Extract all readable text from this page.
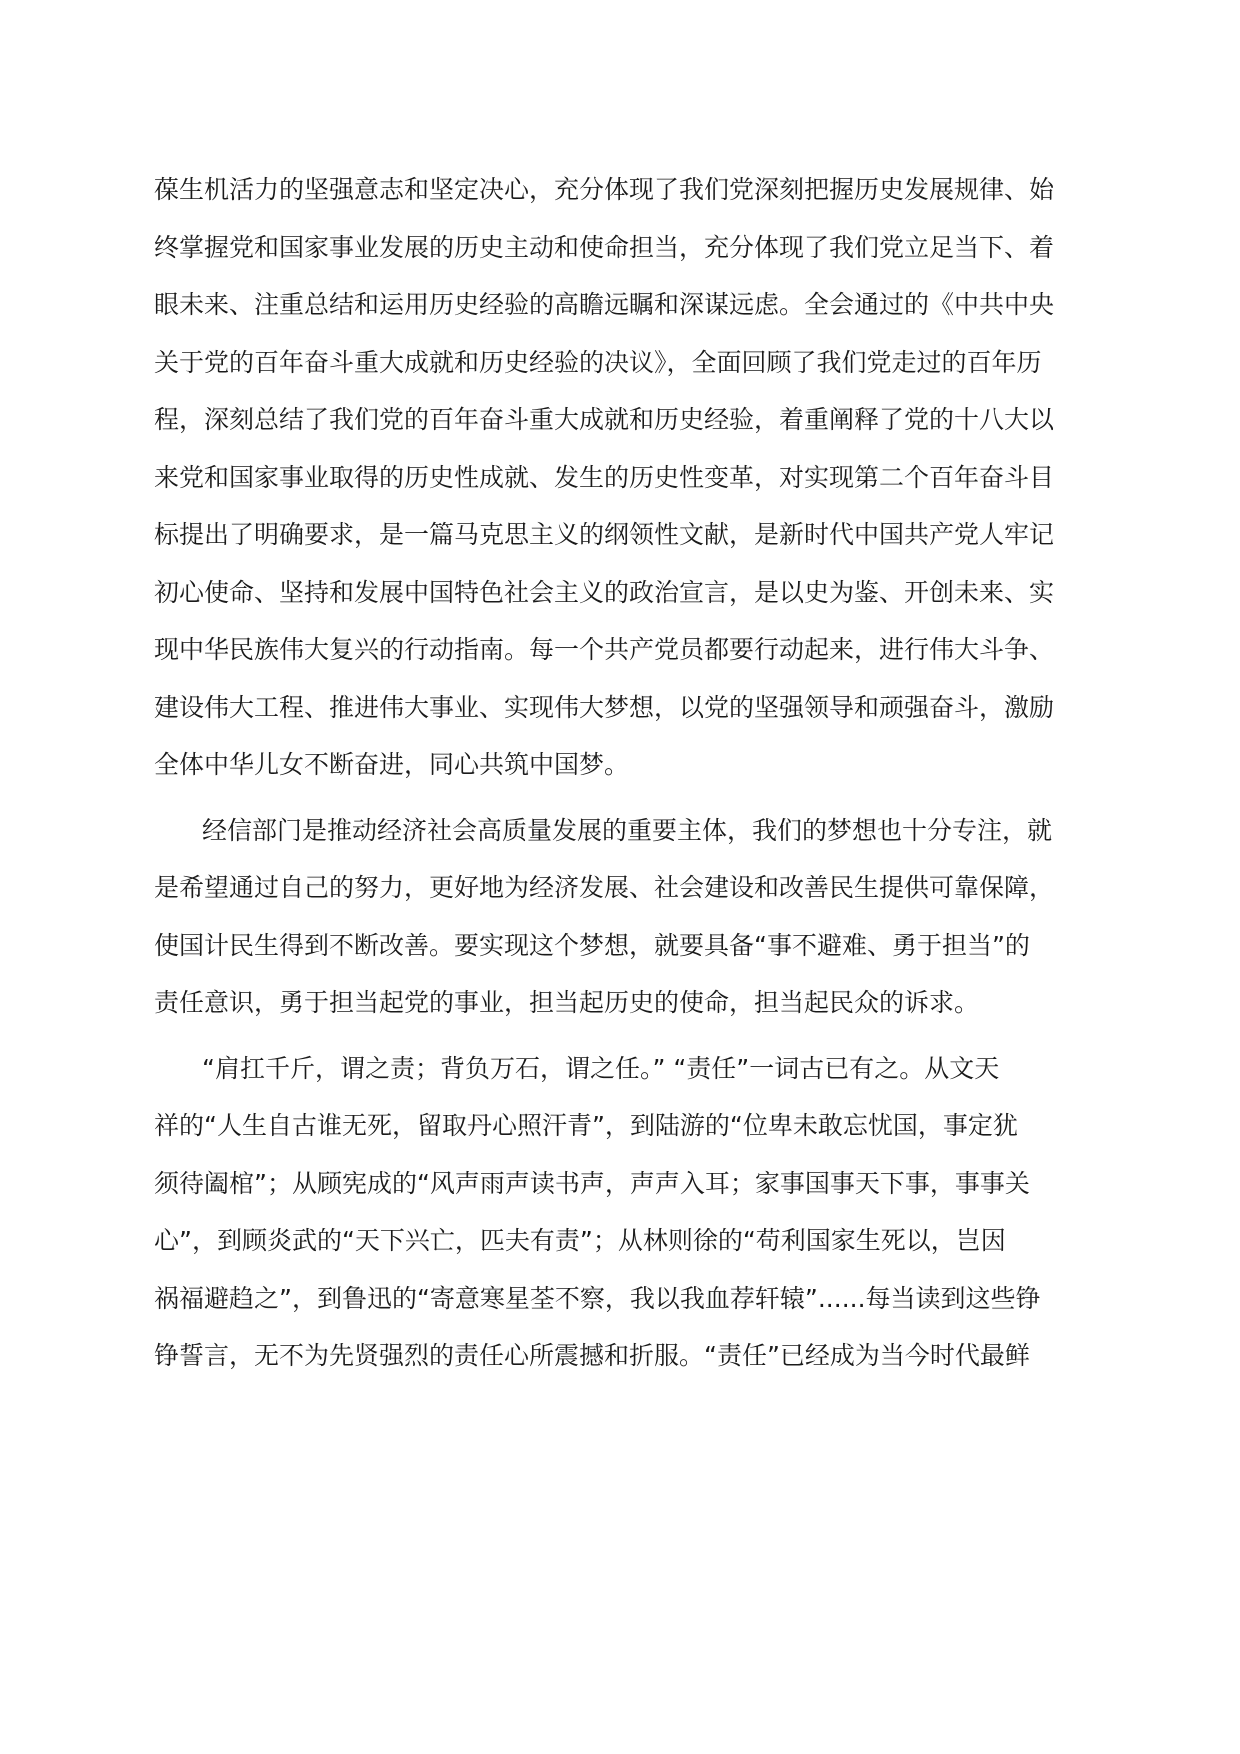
葆生机活力的坚强意志和坚定决心，充分体现了我们党深刻把握历史发展规律、始
终掌握党和国家事业发展的历史主动和使命担当，充分体现了我们党立足当下、着
眼未来、注重总结和运用历史经验的高瞻远瞩和深谋远虑。全会通过的《中共中央
关于党的百年奋斗重大成就和历史经验的决议》，全面回顾了我们党走过的百年历
程，深刻总结了我们党的百年奋斗重大成就和历史经验，着重阐释了党的十八大以
来党和国家事业取得的历史性成就、发生的历史性变革，对实现第二个百年奋斗目
标提出了明确要求，是一篇马克思主义的纲领性文献，是新时代中国共产党人牢记
初心使命、坚持和发展中国特色社会主义的政治宣言，是以史为鉴、开创未来、实
现中华民族伟大复兴的行动指南。每一个共产党员都要行动起来，进行伟大斗争、
建设伟大工程、推进伟大事业、实现伟大梦想，以党的坚强领导和顽强奋斗，激励
全体中华儿女不断奋进，同心共筑中国梦。
经信部门是推动经济社会高质量发展的重要主体，我们的梦想也十分专注，就
是希望通过自己的努力，更好地为经济发展、社会建设和改善民生提供可靠保障，
使国计民生得到不断改善。要实现这个梦想，就要具备“事不避难、勇于担当”的
责任意识，勇于担当起党的事业，担当起历史的使命，担当起民众的诉求。
“肩扛千斤，谓之责；背负万石，谓之任。” “责任”一词古已有之。从文天
祥的“人生自古谁无死，留取丹心照汗青”，到陆游的“位卑未敢忘忧国，事定犹
须待阖棺”；从顾宪成的“风声雨声读书声，声声入耳；家事国事天下事，事事关
心”，到顾炎武的“天下兴亡，匹夫有责”；从林则徐的“苟利国家生死以，岂因
祸福避趋之”，到鲁迅的“寄意寒星荃不察，我以我血荐轩辕”......每当读到这些铮
铮誓言，无不为先贤强烈的责任心所震撼和折服。“责任”已经成为当今时代最鲜
